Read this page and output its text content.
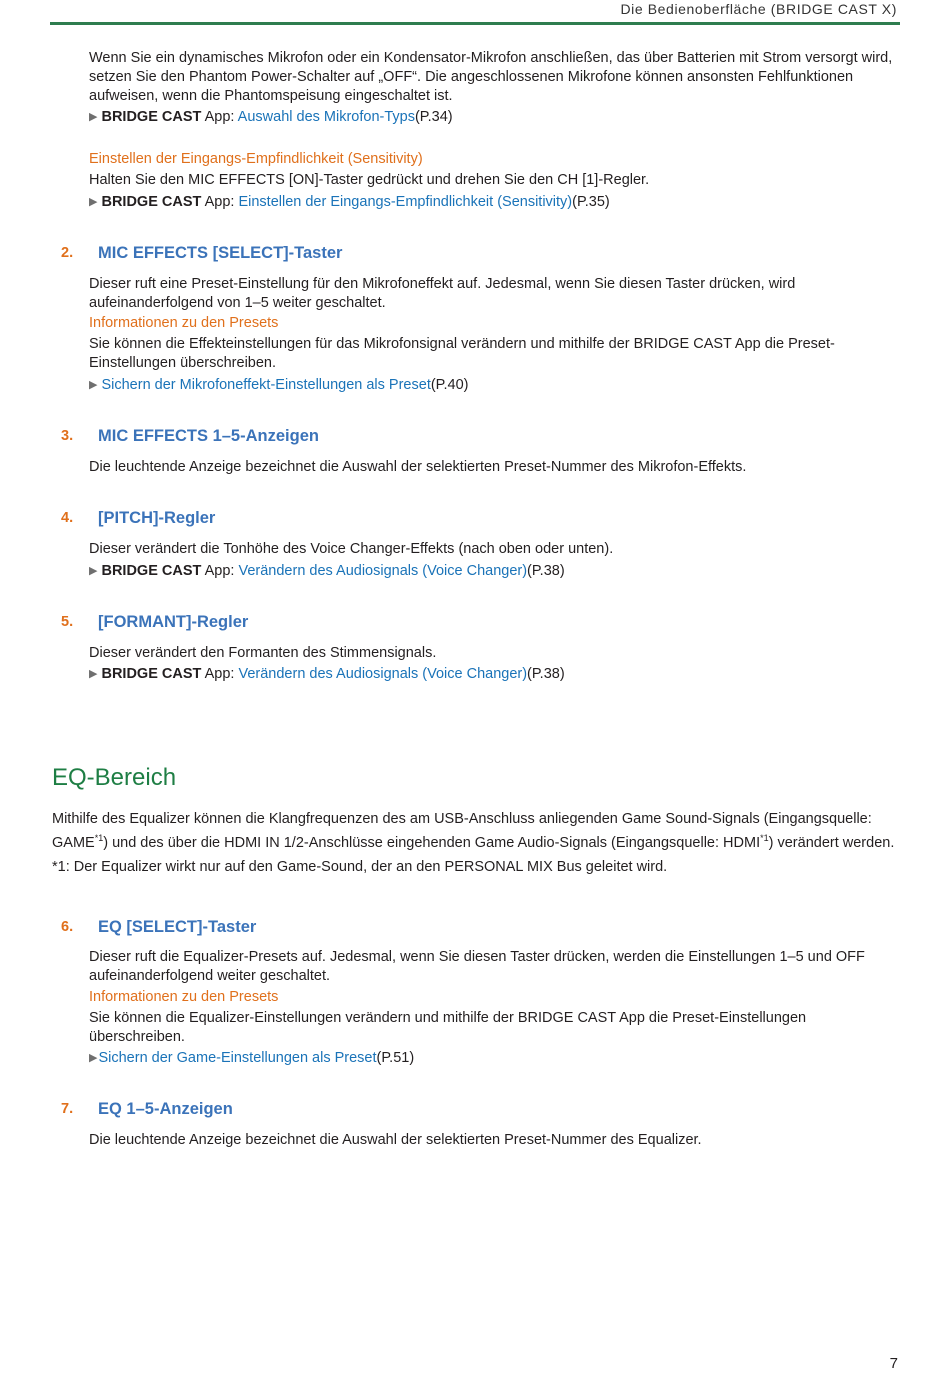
Die Bedienoberfläche (BRIDGE CAST X)

Wenn Sie ein dynamisches Mikrofon oder ein Kondensator-Mikrofon anschließen, das über Batterien mit Strom versorgt wird, setzen Sie den Phantom Power-Schalter auf „OFF“. Die angeschlossenen Mikrofone können ansonsten Fehlfunktionen aufweisen, wenn die Phantomspeisung eingeschaltet ist.

▶ BRIDGE CAST App: Auswahl des Mikrofon-Typs(P.34)

Einstellen der Eingangs-Empfindlichkeit (Sensitivity)

Halten Sie den MIC EFFECTS [ON]-Taster gedrückt und drehen Sie den CH [1]-Regler.

▶ BRIDGE CAST App: Einstellen der Eingangs-Empfindlichkeit (Sensitivity)(P.35)

2. MIC EFFECTS [SELECT]-Taster

Dieser ruft eine Preset-Einstellung für den Mikrofoneffekt auf. Jedesmal, wenn Sie diesen Taster drücken, wird aufeinanderfolgend von 1–5 weiter geschaltet.

Informationen zu den Presets

Sie können die Effekteinstellungen für das Mikrofonsignal verändern und mithilfe der BRIDGE CAST App die Preset-Einstellungen überschreiben.

▶ Sichern der Mikrofoneffekt-Einstellungen als Preset(P.40)

3. MIC EFFECTS 1–5-Anzeigen

Die leuchtende Anzeige bezeichnet die Auswahl der selektierten Preset-Nummer des Mikrofon-Effekts.

4. [PITCH]-Regler

Dieser verändert die Tonhöhe des Voice Changer-Effekts (nach oben oder unten).

▶ BRIDGE CAST App: Verändern des Audiosignals (Voice Changer)(P.38)

5. [FORMANT]-Regler

Dieser verändert den Formanten des Stimmensignals.

▶ BRIDGE CAST App: Verändern des Audiosignals (Voice Changer)(P.38)

EQ-Bereich

Mithilfe des Equalizer können die Klangfrequenzen des am USB-Anschluss anliegenden Game Sound-Signals (Eingangsquelle: GAME$^{*1}$) und des über die HDMI IN 1/2-Anschlüsse eingehenden Game Audio-Signals (Eingangsquelle: HDMI$^{*1}$) verändert werden.

*1: Der Equalizer wirkt nur auf den Game-Sound, der an den PERSONAL MIX Bus geleitet wird.

6. EQ [SELECT]-Taster

Dieser ruft die Equalizer-Presets auf. Jedesmal, wenn Sie diesen Taster drücken, werden die Einstellungen 1–5 und OFF aufeinanderfolgend weiter geschaltet.

Informationen zu den Presets

Sie können die Equalizer-Einstellungen verändern und mithilfe der BRIDGE CAST App die Preset-Einstellungen überschreiben.

▶Sichern der Game-Einstellungen als Preset(P.51)

7. EQ 1–5-Anzeigen

Die leuchtende Anzeige bezeichnet die Auswahl der selektierten Preset-Nummer des Equalizer.

7
